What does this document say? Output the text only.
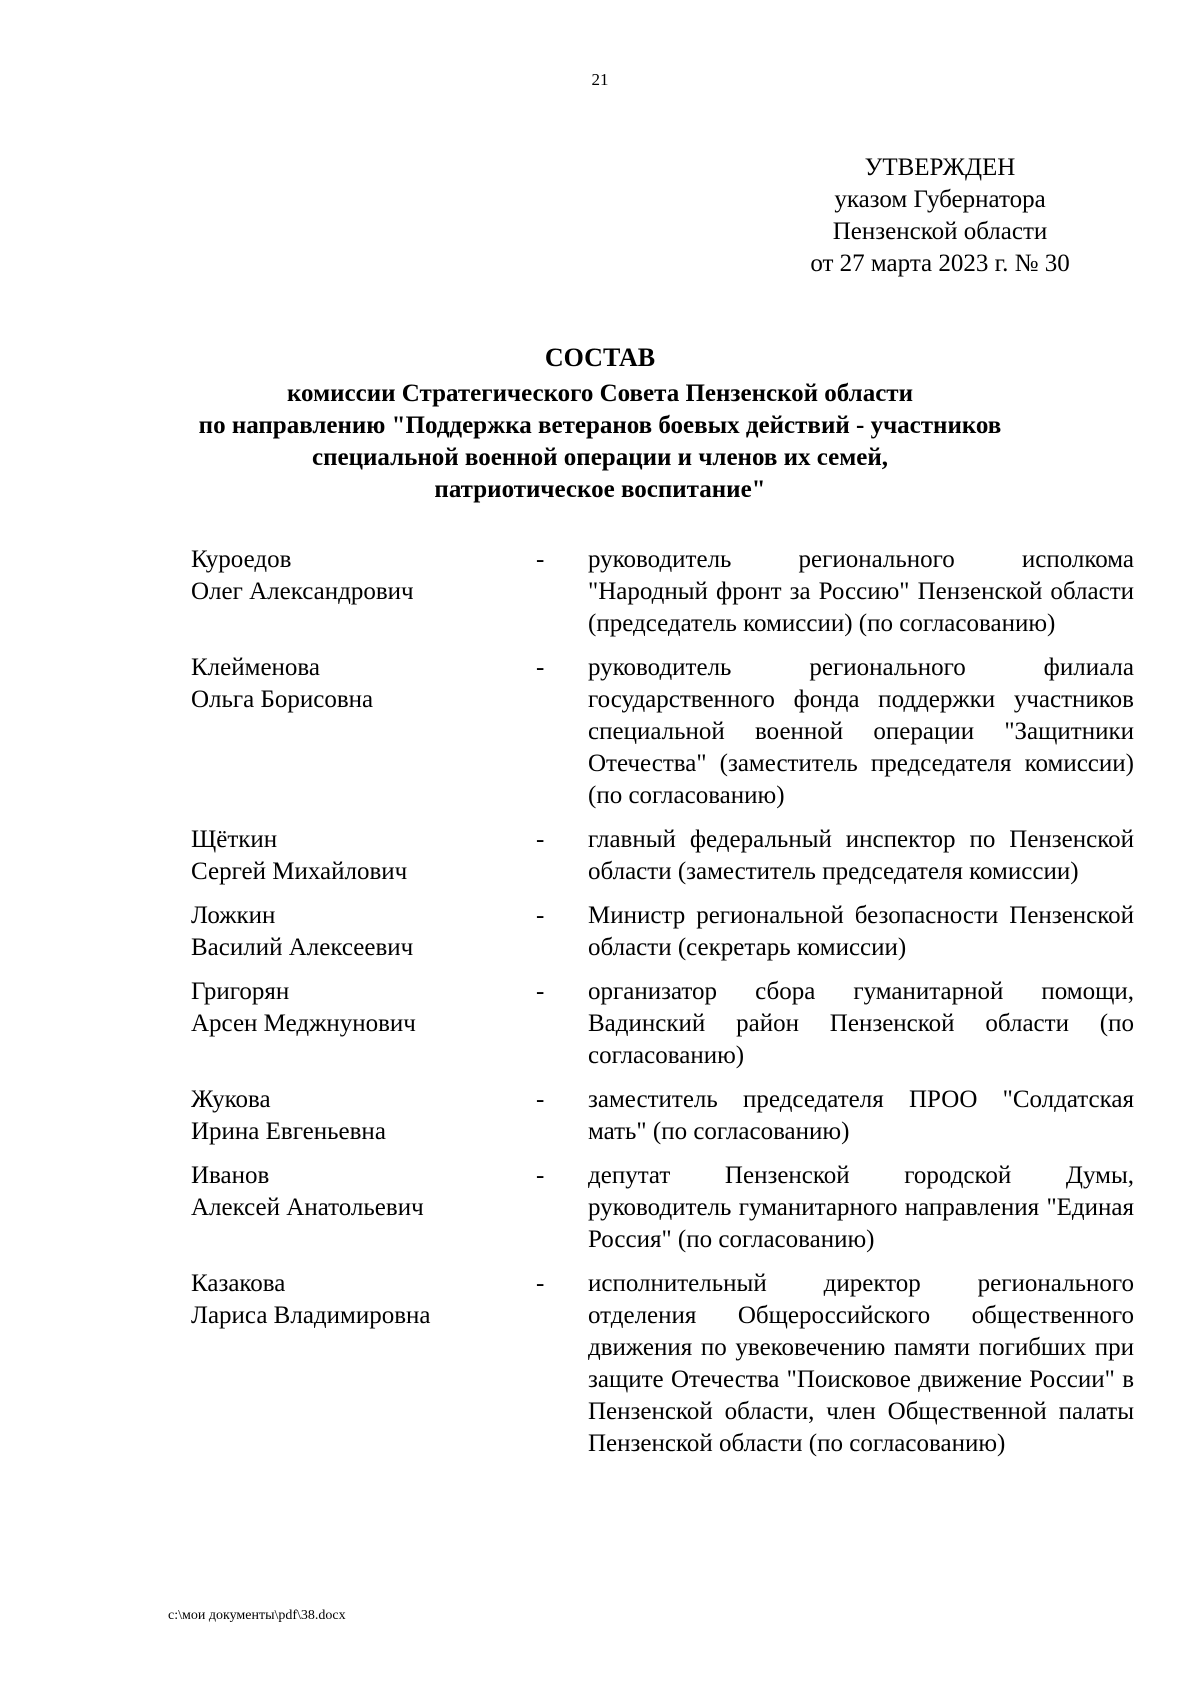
21
УТВЕРЖДЕН
указом Губернатора
Пензенской области
от 27 марта 2023 г. № 30
СОСТАВ
комиссии Стратегического Совета Пензенской области
по направлению "Поддержка ветеранов боевых действий - участников
специальной военной операции и членов их семей,
патриотическое воспитание"
Куроедов
Олег Александрович
-	руководитель регионального исполкома "Народный фронт за Россию" Пензенской области (председатель комиссии) (по согласованию)
Клейменова
Ольга Борисовна
-	руководитель регионального филиала государственного фонда поддержки участников специальной военной операции "Защитники Отечества" (заместитель председателя комиссии) (по согласованию)
Щёткин
Сергей Михайлович
-	главный федеральный инспектор по Пензенской области (заместитель председателя комиссии)
Ложкин
Василий Алексеевич
-	Министр региональной безопасности Пензенской области (секретарь комиссии)
Григорян
Арсен Меджнунович
-	организатор сбора гуманитарной помощи, Вадинский район Пензенской области (по согласованию)
Жукова
Ирина Евгеньевна
-	заместитель председателя ПРОО "Солдатская мать" (по согласованию)
Иванов
Алексей Анатольевич
-	депутат Пензенской городской Думы, руководитель гуманитарного направления "Единая Россия" (по согласованию)
Казакова
Лариса Владимировна
-	исполнительный директор регионального отделения Общероссийского общественного движения по увековечению памяти погибших при защите Отечества "Поисковое движение России" в Пензенской области, член Общественной палаты Пензенской области (по согласованию)
c:\мои документы\pdf\38.docx
